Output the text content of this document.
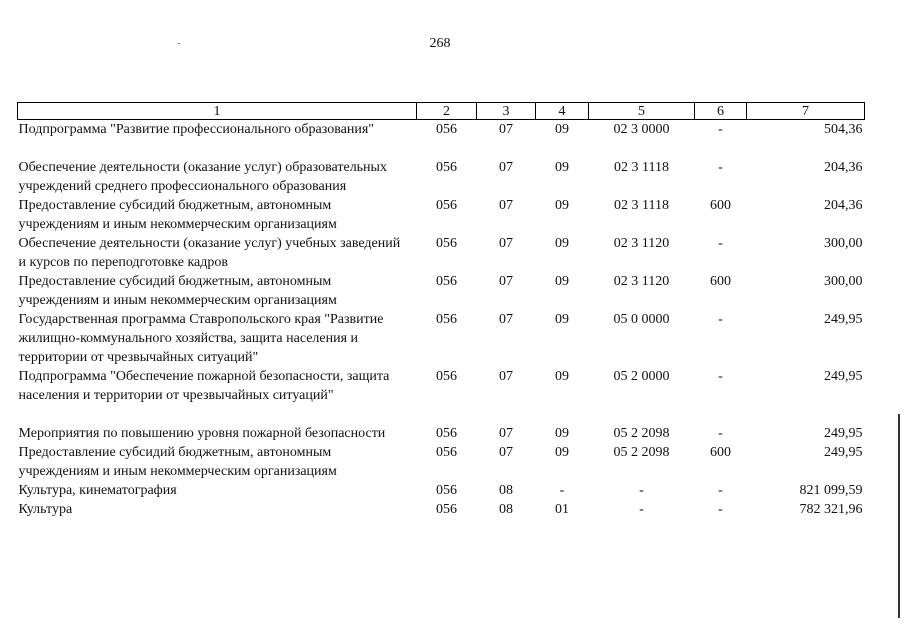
268
1	2	3	4	5	6	7
Подпрограмма "Развитие профессионального образования"	056	07	09	02 3 0000	-	504,36

Обеспечение деятельности (оказание услуг) образовательных учреждений среднего профессионального образования	056	07	09	02 3 1118	-	204,36
Предоставление субсидий бюджетным, автономным учреждениям и иным некоммерческим организациям	056	07	09	02 3 1118	600	204,36
Обеспечение деятельности (оказание услуг) учебных заведений и курсов по переподготовке кадров	056	07	09	02 3 1120	-	300,00
Предоставление субсидий бюджетным, автономным учреждениям и иным некоммерческим организациям	056	07	09	02 3 1120	600	300,00
Государственная программа Ставропольского края "Развитие жилищно-коммунального хозяйства, защита населения и территории от чрезвычайных ситуаций"	056	07	09	05 0 0000	-	249,95
Подпрограмма "Обеспечение пожарной безопасности, защита населения и территории от чрезвычайных ситуаций"	056	07	09	05 2 0000	-	249,95

Мероприятия по повышению уровня пожарной безопасности	056	07	09	05 2 2098	-	249,95
Предоставление субсидий бюджетным, автономным учреждениям и иным некоммерческим организациям	056	07	09	05 2 2098	600	249,95
Культура, кинематография	056	08	-	-	-	821 099,59
Культура	056	08	01	-	-	782 321,96
